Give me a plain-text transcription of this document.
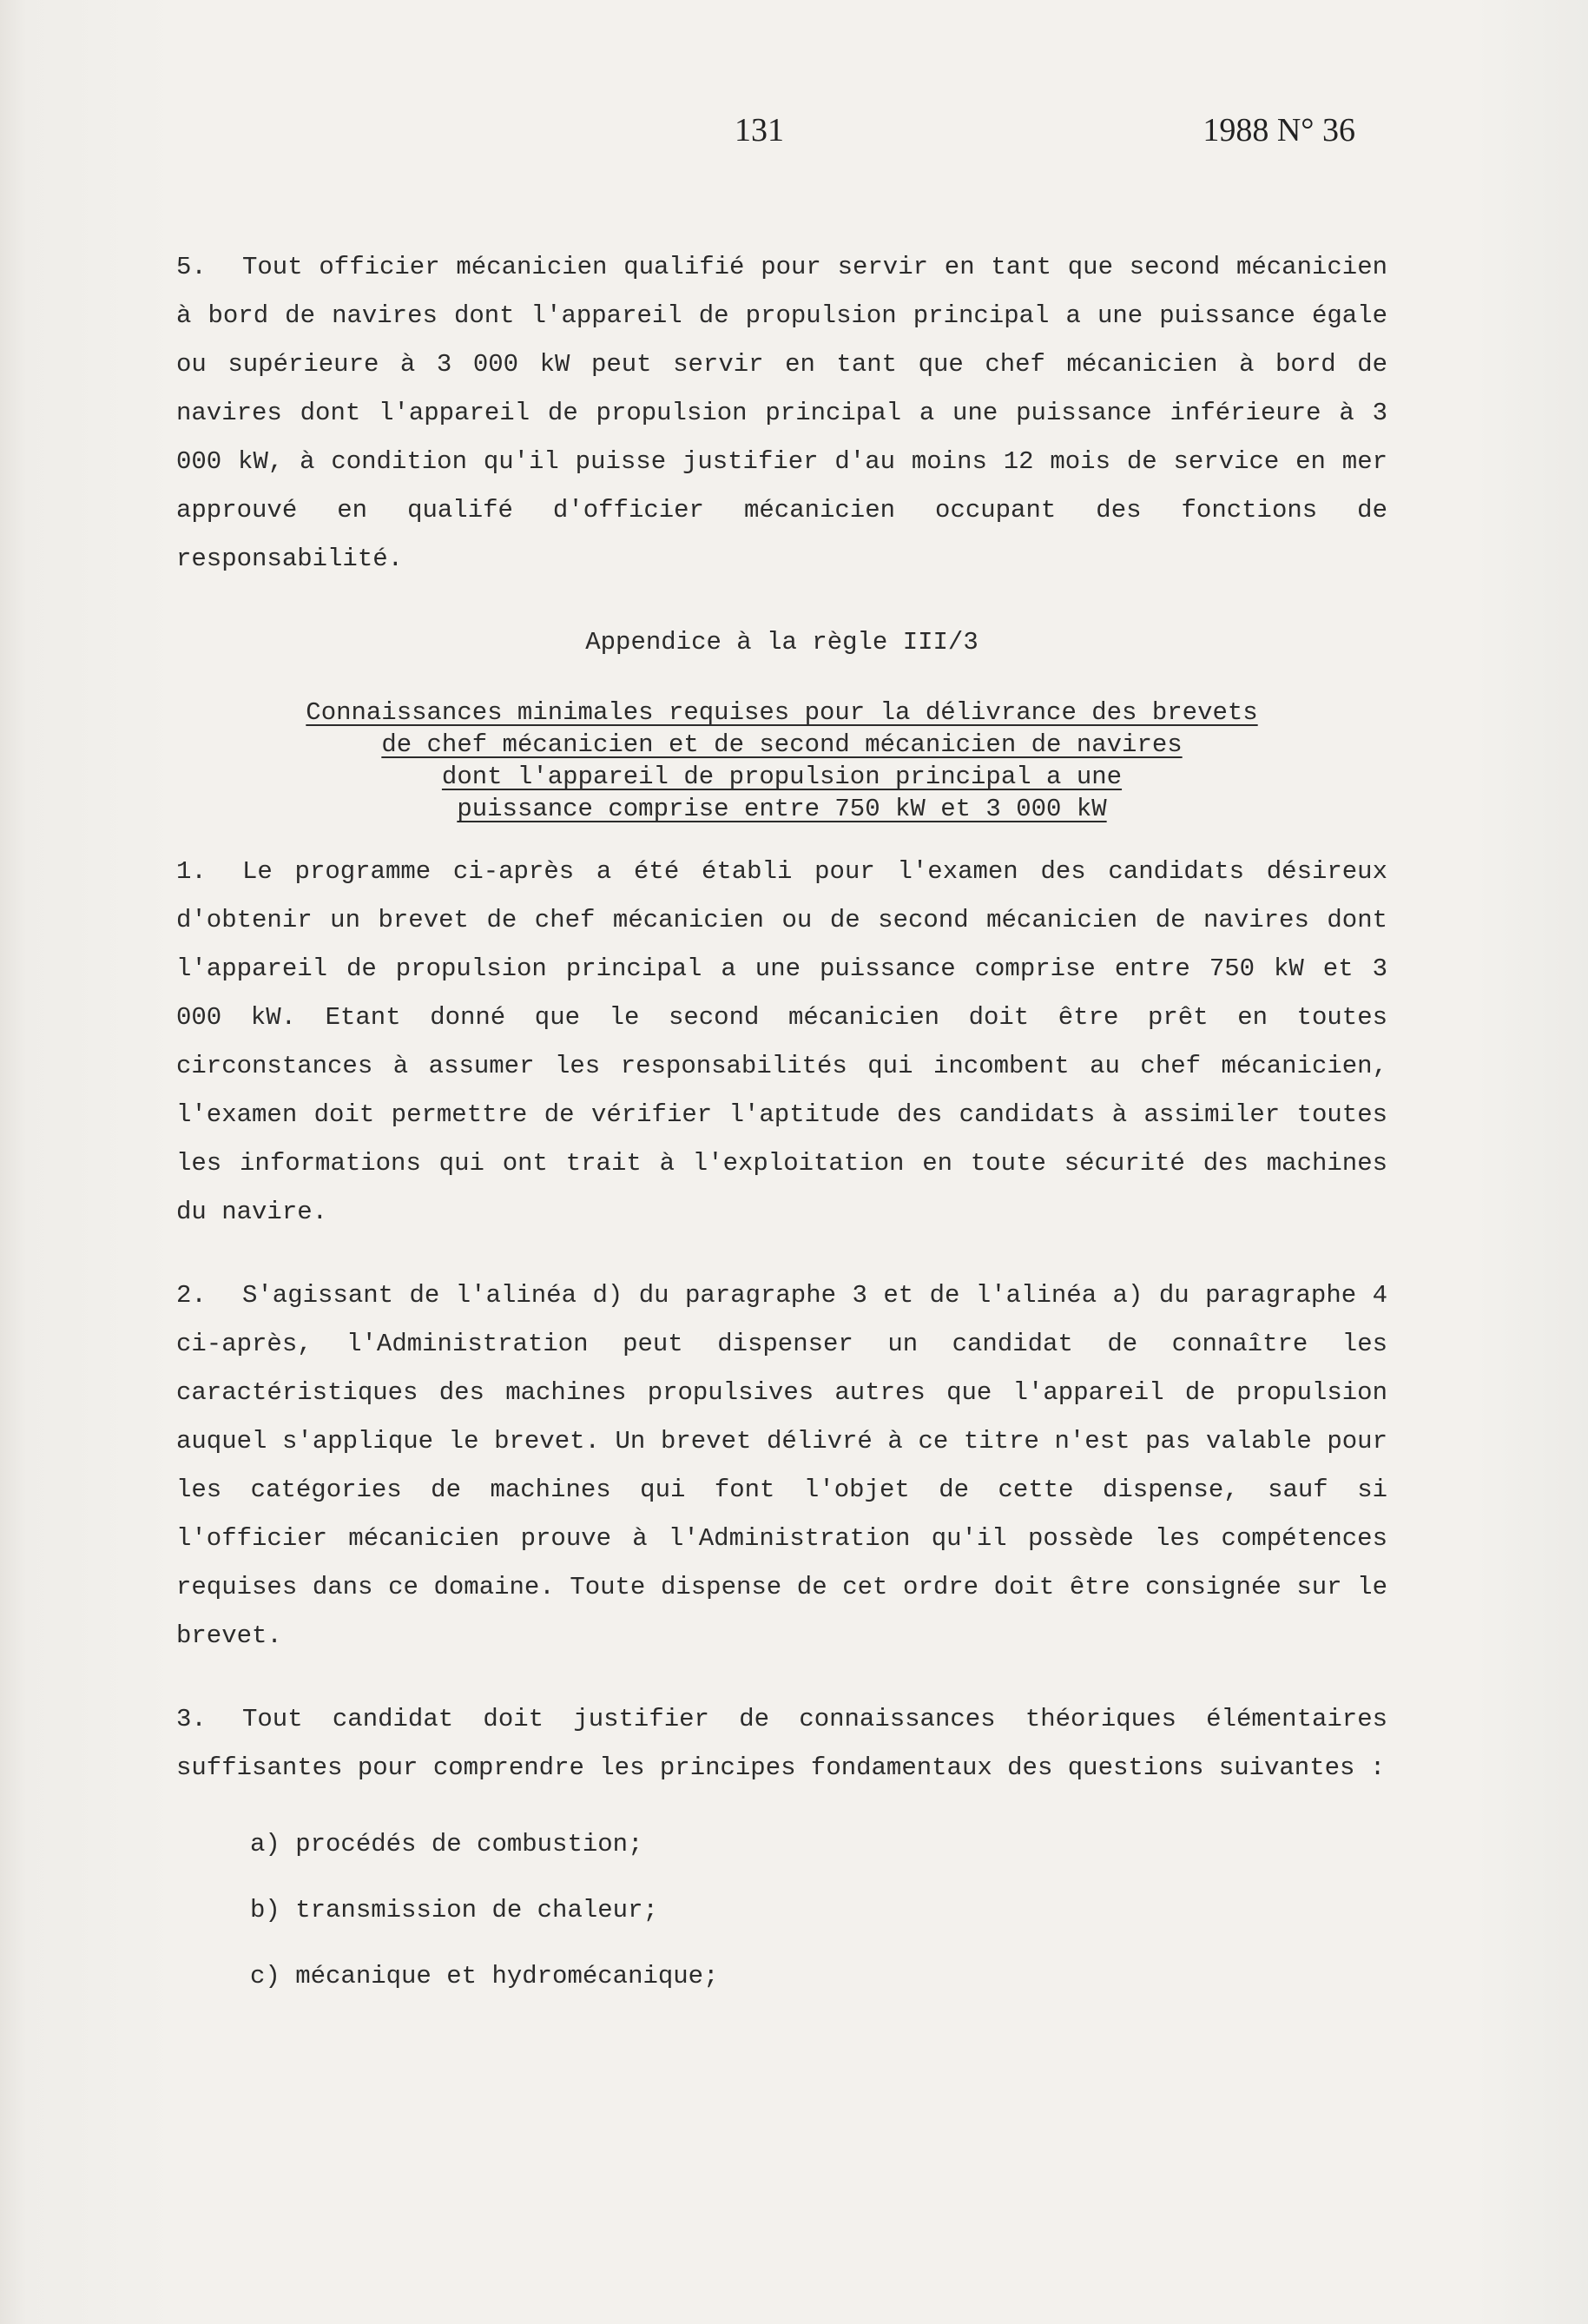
131	1988 N° 36

5. Tout officier mécanicien qualifié pour servir en tant que second mécanicien à bord de navires dont l'appareil de propulsion principal a une puissance égale ou supérieure à 3 000 kW peut servir en tant que chef mécanicien à bord de navires dont l'appareil de propulsion principal a une puissance inférieure à 3 000 kW, à condition qu'il puisse justifier d'au moins 12 mois de service en mer approuvé en qualifé d'officier mécanicien occupant des fonctions de responsabilité.

Appendice à la règle III/3
Connaissances minimales requises pour la délivrance des brevets
de chef mécanicien et de second mécanicien de navires
dont l'appareil de propulsion principal a une
puissance comprise entre 750 kW et 3 000 kW

1. Le programme ci-après a été établi pour l'examen des candidats désireux d'obtenir un brevet de chef mécanicien ou de second mécanicien de navires dont l'appareil de propulsion principal a une puissance comprise entre 750 kW et 3 000 kW. Etant donné que le second mécanicien doit être prêt en toutes circonstances à assumer les responsabilités qui incombent au chef mécanicien, l'examen doit permettre de vérifier l'aptitude des candidats à assimiler toutes les informations qui ont trait à l'exploitation en toute sécurité des machines du navire.

2. S'agissant de l'alinéa d) du paragraphe 3 et de l'alinéa a) du paragraphe 4 ci-après, l'Administration peut dispenser un candidat de connaître les caractéristiques des machines propulsives autres que l'appareil de propulsion auquel s'applique le brevet. Un brevet délivré à ce titre n'est pas valable pour les catégories de machines qui font l'objet de cette dispense, sauf si l'officier mécanicien prouve à l'Administration qu'il possède les compétences requises dans ce domaine. Toute dispense de cet ordre doit être consignée sur le brevet.

3. Tout candidat doit justifier de connaissances théoriques élémentaires suffisantes pour comprendre les principes fondamentaux des questions suivantes :

a) procédés de combustion;
b) transmission de chaleur;
c) mécanique et hydromécanique;
